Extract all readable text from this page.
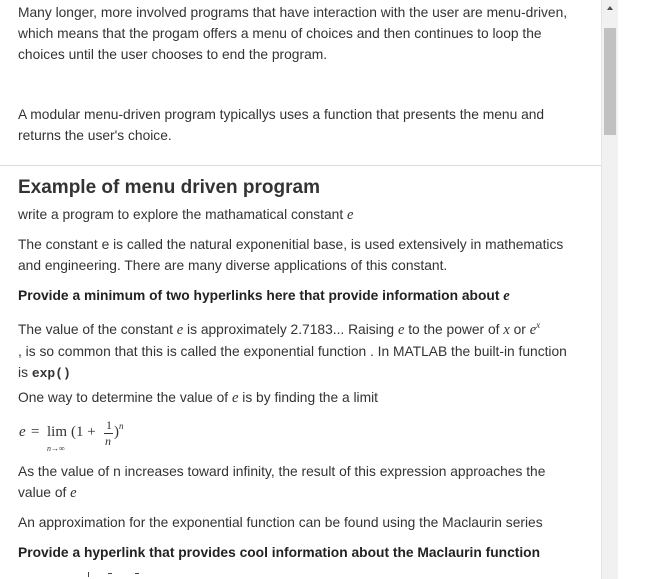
Many longer, more involved programs that have interaction with the user are menu-driven, which means that the progam offers a menu of choices and then continues to loop the choices until the user chooses to end the program.

A modular menu-driven program typicallys uses a function that presents the menu and returns the user's choice.

Example of menu driven program

write a program to explore the mathamatical constant e

The constant e is called the natural exponenitial base, is used extensively in mathematics and engineering. There are many diverse applications of this constant.

Provide a minimum of two hyperlinks here that provide information about e

The value of the constant e is approximately 2.7183... Raising e to the power of x or $e^x$
, is so common that this is called the exponential function . In MATLAB the built-in function is exp()

One way to determine the value of e is by finding the a limit

e = lim
n→∞
(1 + 1
n
) n

As the value of n increases toward infinity, the result of this expression approaches the value of e

An approximation for the exponential function can be found using the Maclaurin series

Provide a hyperlink that provides cool information about the Maclaurin function
